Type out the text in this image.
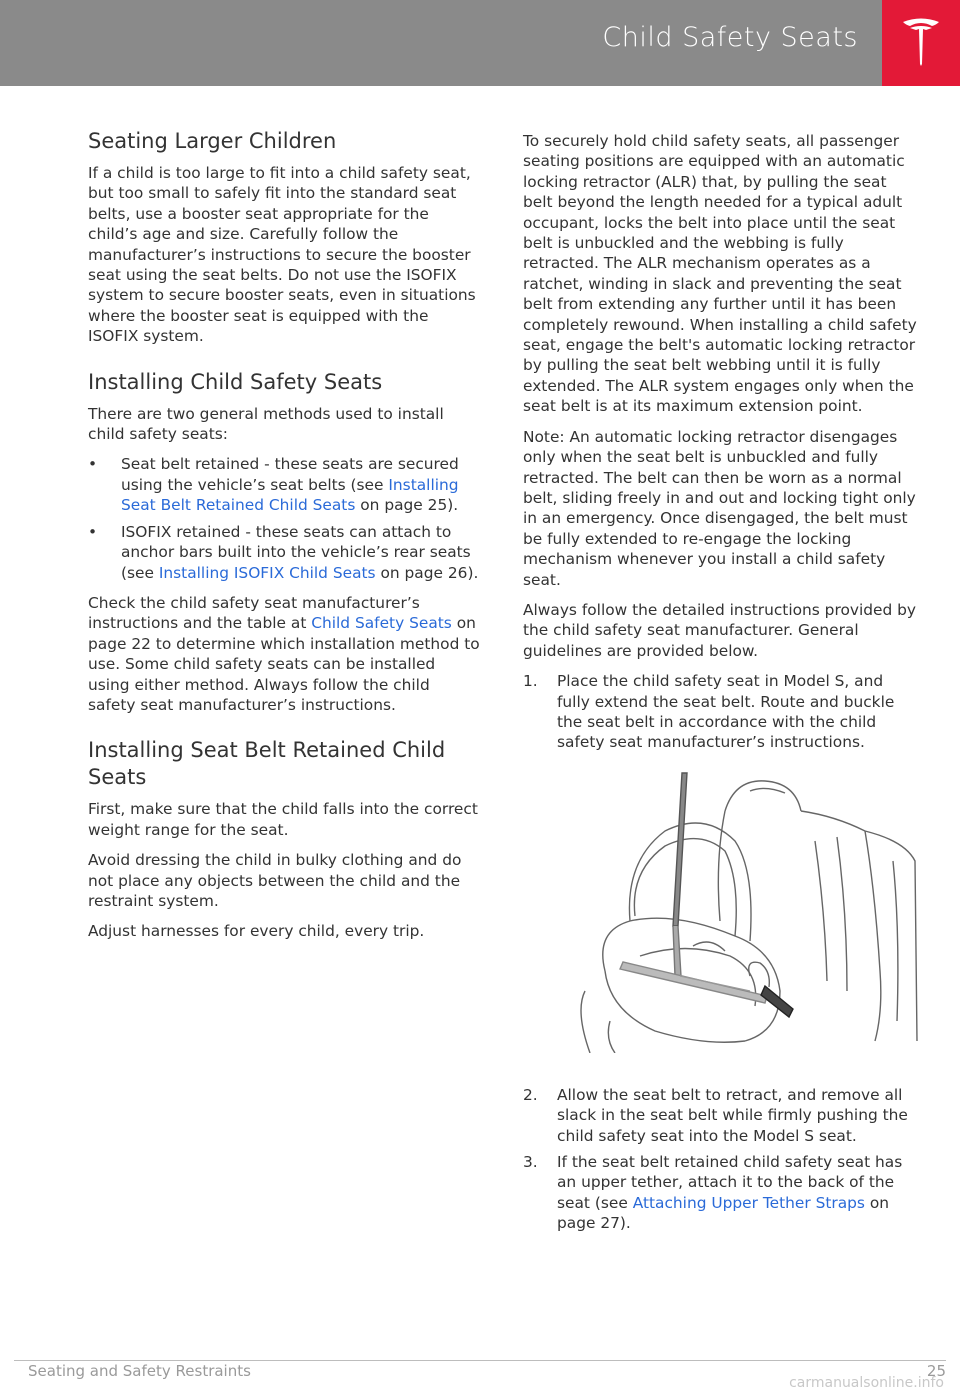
Child Safety Seats
Seating Larger Children

If a child is too large to fit into a child safety seat, but too small to safely fit into the standard seat belts, use a booster seat appropriate for the child’s age and size. Carefully follow the manufacturer’s instructions to secure the booster seat using the seat belts. Do not use the ISOFIX system to secure booster seats, even in situations where the booster seat is equipped with the ISOFIX system.

Installing Child Safety Seats

There are two general methods used to install child safety seats:

• Seat belt retained - these seats are secured using the vehicle’s seat belts (see Installing Seat Belt Retained Child Seats on page 25).
• ISOFIX retained - these seats can attach to anchor bars built into the vehicle’s rear seats (see Installing ISOFIX Child Seats on page 26).

Check the child safety seat manufacturer’s instructions and the table at Child Safety Seats on page 22 to determine which installation method to use. Some child safety seats can be installed using either method. Always follow the child safety seat manufacturer’s instructions.

Installing Seat Belt Retained Child Seats

First, make sure that the child falls into the correct weight range for the seat.

Avoid dressing the child in bulky clothing and do not place any objects between the child and the restraint system.

Adjust harnesses for every child, every trip.

To securely hold child safety seats, all passenger seating positions are equipped with an automatic locking retractor (ALR) that, by pulling the seat belt beyond the length needed for a typical adult occupant, locks the belt into place until the seat belt is unbuckled and the webbing is fully retracted. The ALR mechanism operates as a ratchet, winding in slack and preventing the seat belt from extending any further until it has been completely rewound. When installing a child safety seat, engage the belt's automatic locking retractor by pulling the seat belt webbing until it is fully extended. The ALR system engages only when the seat belt is at its maximum extension point.

Note: An automatic locking retractor disengages only when the seat belt is unbuckled and fully retracted. The belt can then be worn as a normal belt, sliding freely in and out and locking tight only in an emergency. Once disengaged, the belt must be fully extended to re-engage the locking mechanism whenever you install a child safety seat.

Always follow the detailed instructions provided by the child safety seat manufacturer. General guidelines are provided below.

1. Place the child safety seat in Model S, and fully extend the seat belt. Route and buckle the seat belt in accordance with the child safety seat manufacturer’s instructions.
2. Allow the seat belt to retract, and remove all slack in the seat belt while firmly pushing the child safety seat into the Model S seat.
3. If the seat belt retained child safety seat has an upper tether, attach it to the back of the seat (see Attaching Upper Tether Straps on page 27).
Seating and Safety Restraints	25
carmanualsonline.info
